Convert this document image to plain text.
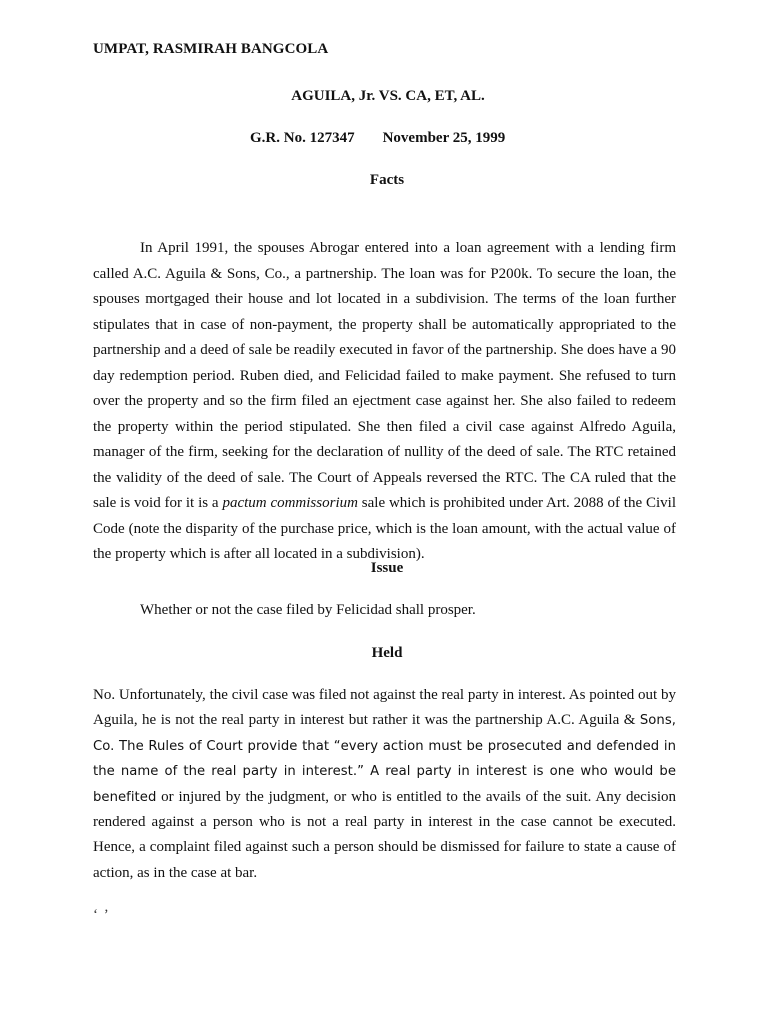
UMPAT, RASMIRAH BANGCOLA
AGUILA, Jr. VS. CA, ET, AL.
G.R. No. 127347 November 25, 1999
Facts
In April 1991, the spouses Abrogar entered into a loan agreement with a lending firm called A.C. Aguila & Sons, Co., a partnership. The loan was for P200k. To secure the loan, the spouses mortgaged their house and lot located in a subdivision. The terms of the loan further stipulates that in case of non-payment, the property shall be automatically appropriated to the partnership and a deed of sale be readily executed in favor of the partnership. She does have a 90 day redemption period. Ruben died, and Felicidad failed to make payment. She refused to turn over the property and so the firm filed an ejectment case against her. She also failed to redeem the property within the period stipulated. She then filed a civil case against Alfredo Aguila, manager of the firm, seeking for the declaration of nullity of the deed of sale. The RTC retained the validity of the deed of sale. The Court of Appeals reversed the RTC. The CA ruled that the sale is void for it is a pactum commissorium sale which is prohibited under Art. 2088 of the Civil Code (note the disparity of the purchase price, which is the loan amount, with the actual value of the property which is after all located in a subdivision).
Issue
Whether or not the case filed by Felicidad shall prosper.
Held
No. Unfortunately, the civil case was filed not against the real party in interest. As pointed out by Aguila, he is not the real party in interest but rather it was the partnership A.C. Aguila & Sons, Co. The Rules of Court provide that “every action must be prosecuted and defended in the name of the real party in interest.” A real party in interest is one who would be benefited or injured by the judgment, or who is entitled to the avails of the suit. Any decision rendered against a person who is not a real party in interest in the case cannot be executed. Hence, a complaint filed against such a person should be dismissed for failure to state a cause of action, as in the case at bar.
‘ ’
